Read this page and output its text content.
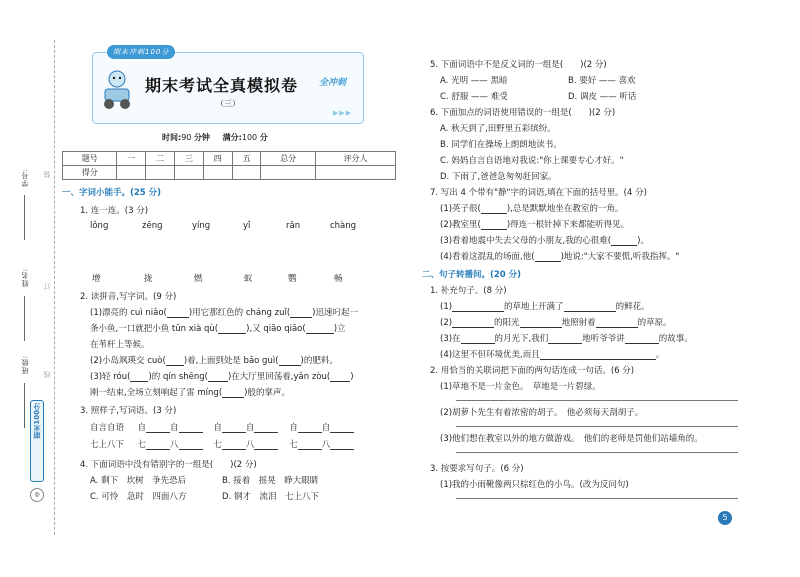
学号:
姓名:
班级:
装
订
线
期末100分
◎
期末冲刺100分
期末考试全真模拟卷
（三）
全冲刺
▶▶▶
时间:90 分钟 满分:100 分
题号	一	二	三	四	五	总分	评分人
得分							
一、字词小能手。(25 分)
1. 连一连。(3 分)
lǒnɡ	zēnɡ	yínɡ	yǐ	rǎn	chànɡ
增	拢	燃	蚁	鹦	畅
2. 读拼音,写字词。(9 分)
(1)漂亮的 cuì niǎo(	)用它那红色的 chánɡ zuǐ(	)迅速叼起一
条小鱼,一口就把小鱼 tūn xià qù(	),又 qiāo qiāo(	)立
在苇杆上等候。
(2)小岛飒瑛交 cuò( )着,上面到处是 bǎo ɡuì(	)的肥料。
(3)轻 róu( )的 qín shēnɡ( )在大厅里回荡着,yǎn zòu( )
刚一结束,全场立刻响起了雷 mínɡ(	)般的掌声。
3. 照样子,写词语。(3 分)
自言自语 自	自	自	自	自	自
七上八下 七	八	七	八	七	八
4. 下面词语中没有错别字的一组是(　　)(2 分)
A. 剩下　坎树　争先恐后	B. 接着　摇晃　睁大眼睛
C. 可怜　急时　四面八方	D. 钢才　流泪　七上八下
5. 下面词语中不是反义词的一组是(　　)(2 分)
A. 光明 —— 黑暗	B. 要好 —— 喜欢
C. 舒服 —— 难受	D. 调皮 —— 听话
6. 下面加点的词语使用错误的一组是(　　)(2 分)
A. 秋天到了,田野里五彩缤纷。
B. 同学们在操场上朗朗地读书。
C. 妈妈自言自语地对我说:"你上课要专心才好。"
D. 下雨了,爸爸急匆匆赶回家。
7. 写出 4 个带有"静"字的词语,填在下面的括号里。(4 分)
(1)英子很(	),总是默默地坐在教室的一角。
(2)教室里(	)得连一根针掉下来都能听得见。
(3)看着地震中失去父母的小朋友,我的心很难(	)。
(4)看着这混乱的场面,他(	)地说:"大家不要慌,听我指挥。"
二、句子转播间。(20 分)
1. 补充句子。(8 分)
(1)	的草地上开满了	的鲜花。
(2)	的阳光	地照射着	的草原。
(3)在	的月光下,我们	地听爷爷讲	的故事。
(4)这里不但环境优美,而且	。
2. 用恰当的关联词把下面的两句话连成一句话。(6 分)
(1)草地不是一片金色。　草地是一片碧绿。
(2)胡萝卜先生有着浓密的胡子。　他必须每天刮胡子。
(3)他们想在教室以外的地方做游戏。　他们的老师是罚他们站墙角的。
3. 按要求写句子。(6 分)
(1)我的小雨靴像两只棕红色的小鸟。(改为反问句)
5
